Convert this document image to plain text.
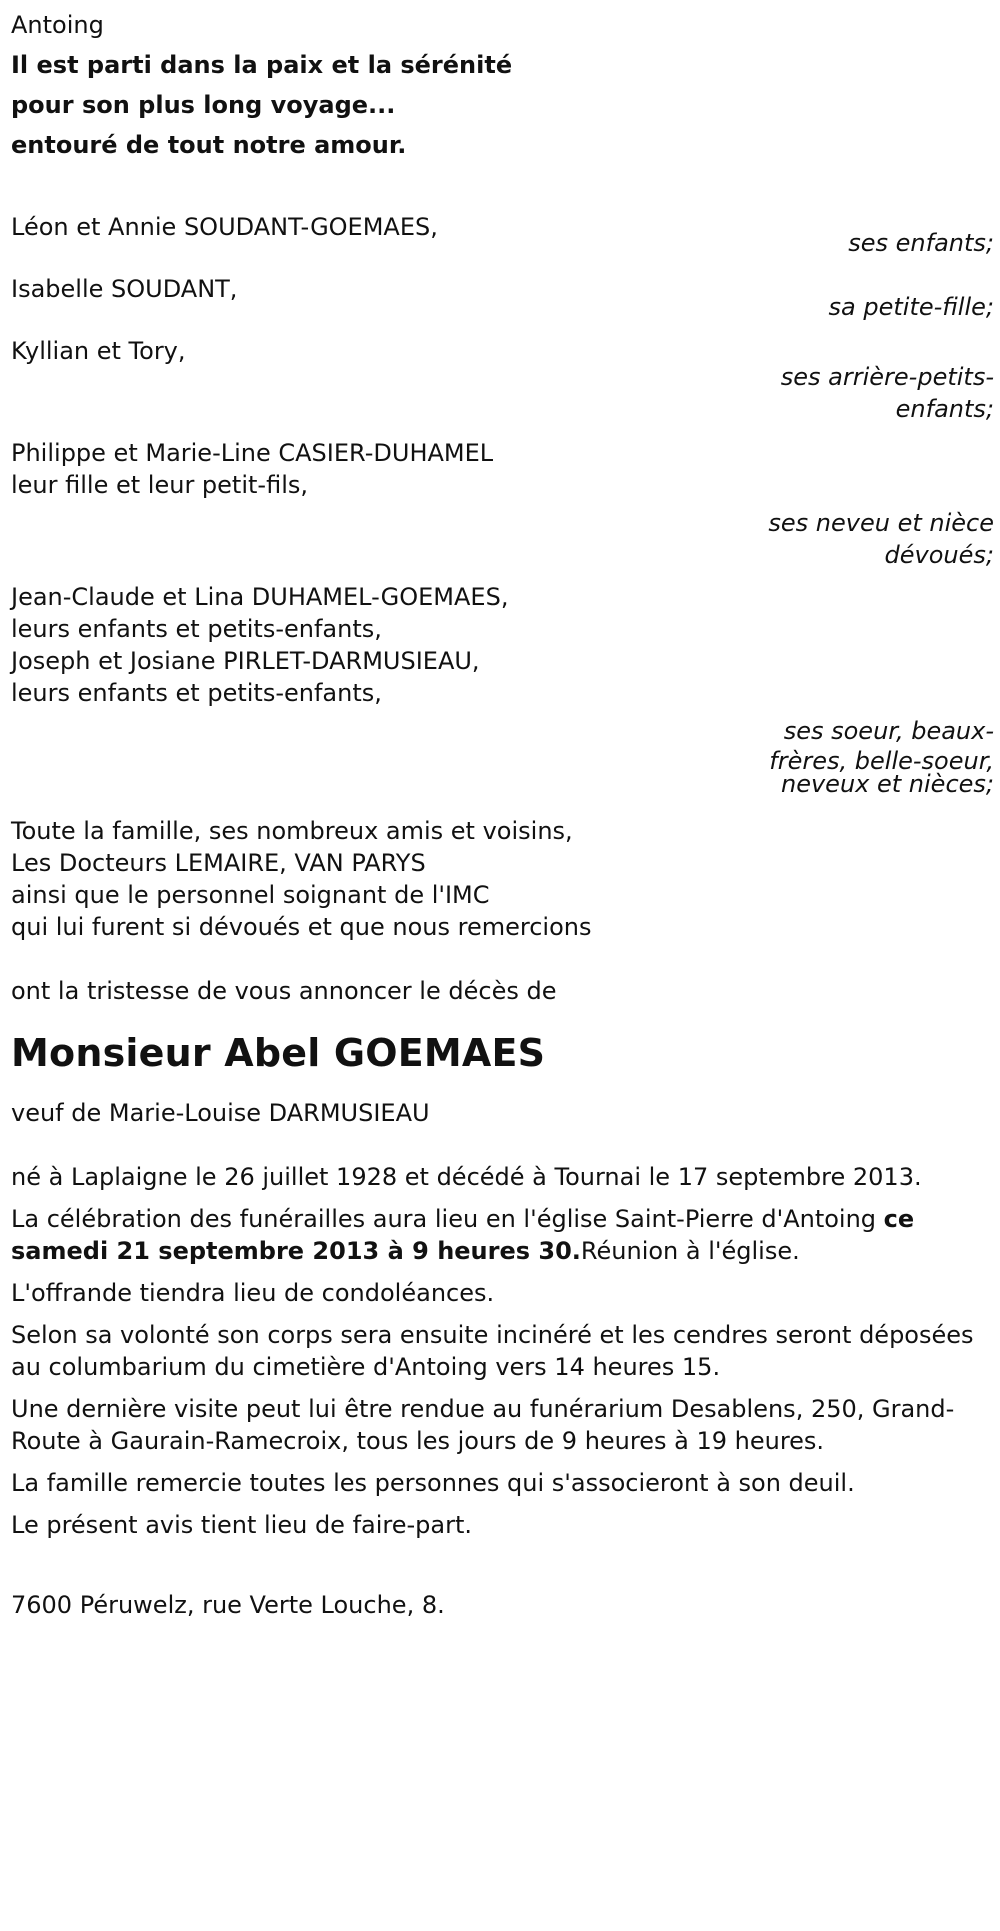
Antoing
Il est parti dans la paix et la sérénité
pour son plus long voyage...
entouré de tout notre amour.
Léon et Annie SOUDANT-GOEMAES,
ses enfants;
Isabelle SOUDANT,
sa petite-fille;
Kyllian et Tory,
ses arrière-petits-
enfants;
Philippe et Marie-Line CASIER-DUHAMEL
leur fille et leur petit-fils,
ses neveu et nièce
dévoués;
Jean-Claude et Lina DUHAMEL-GOEMAES,
leurs enfants et petits-enfants,
Joseph et Josiane PIRLET-DARMUSIEAU,
leurs enfants et petits-enfants,
ses soeur, beaux-
frères, belle-soeur,
neveux et nièces;
Toute la famille, ses nombreux amis et voisins,
Les Docteurs LEMAIRE, VAN PARYS
ainsi que le personnel soignant de l'IMC
qui lui furent si dévoués et que nous remercions
ont la tristesse de vous annoncer le décès de
Monsieur Abel GOEMAES
veuf de Marie-Louise DARMUSIEAU
né à Laplaigne le 26 juillet 1928 et décédé à Tournai le 17 septembre 2013.
La célébration des funérailles aura lieu en l'église Saint-Pierre d'Antoing ce samedi 21 septembre 2013 à 9 heures 30.Réunion à l'église.
L'offrande tiendra lieu de condoléances.
Selon sa volonté son corps sera ensuite incinéré et les cendres seront déposées au columbarium du cimetière d'Antoing vers 14 heures 15.
Une dernière visite peut lui être rendue au funérarium Desablens, 250, Grand-Route à Gaurain-Ramecroix, tous les jours de 9 heures à 19 heures.
La famille remercie toutes les personnes qui s'associeront à son deuil.
Le présent avis tient lieu de faire-part.
7600 Péruwelz, rue Verte Louche, 8.
